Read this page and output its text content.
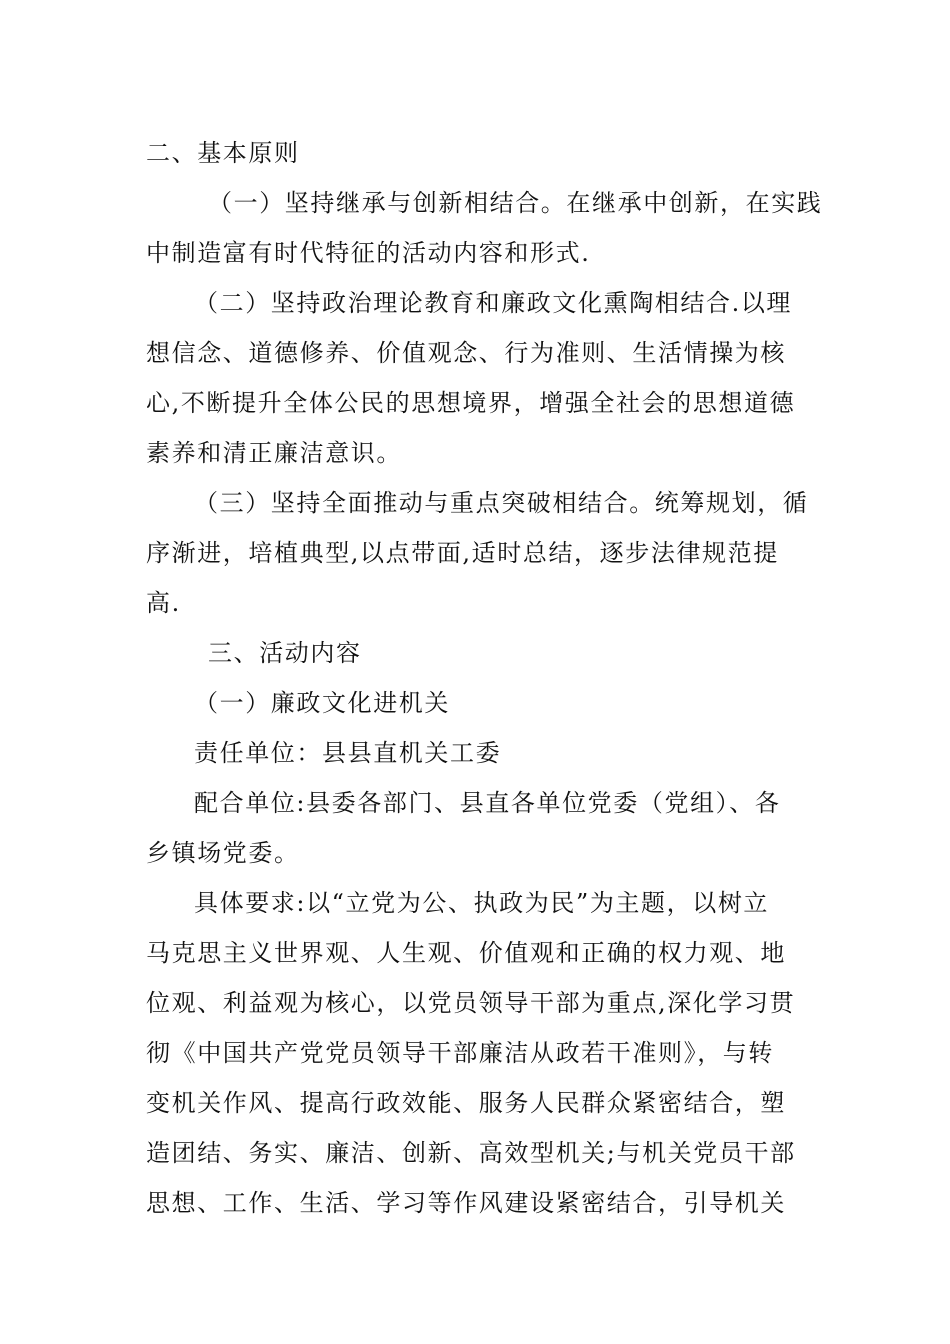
二、基本原则
（一）坚持继承与创新相结合。在继承中创新，在实践
中制造富有时代特征的活动内容和形式.
（二）坚持政治理论教育和廉政文化熏陶相结合.以理
想信念、道德修养、价值观念、行为准则、生活情操为核
心,不断提升全体公民的思想境界，增强全社会的思想道德
素养和清正廉洁意识。
（三）坚持全面推动与重点突破相结合。统筹规划，循
序渐进，培植典型,以点带面,适时总结，逐步法律规范提
高.
三、活动内容
（一）廉政文化进机关
责任单位：县县直机关工委
配合单位:县委各部门、县直各单位党委（党组）、各
乡镇场党委。
具体要求:以“立党为公、执政为民”为主题，以树立
马克思主义世界观、人生观、价值观和正确的权力观、地
位观、利益观为核心，以党员领导干部为重点,深化学习贯
彻《中国共产党党员领导干部廉洁从政若干准则》，与转
变机关作风、提高行政效能、服务人民群众紧密结合，塑
造团结、务实、廉洁、创新、高效型机关;与机关党员干部
思想、工作、生活、学习等作风建设紧密结合，引导机关
